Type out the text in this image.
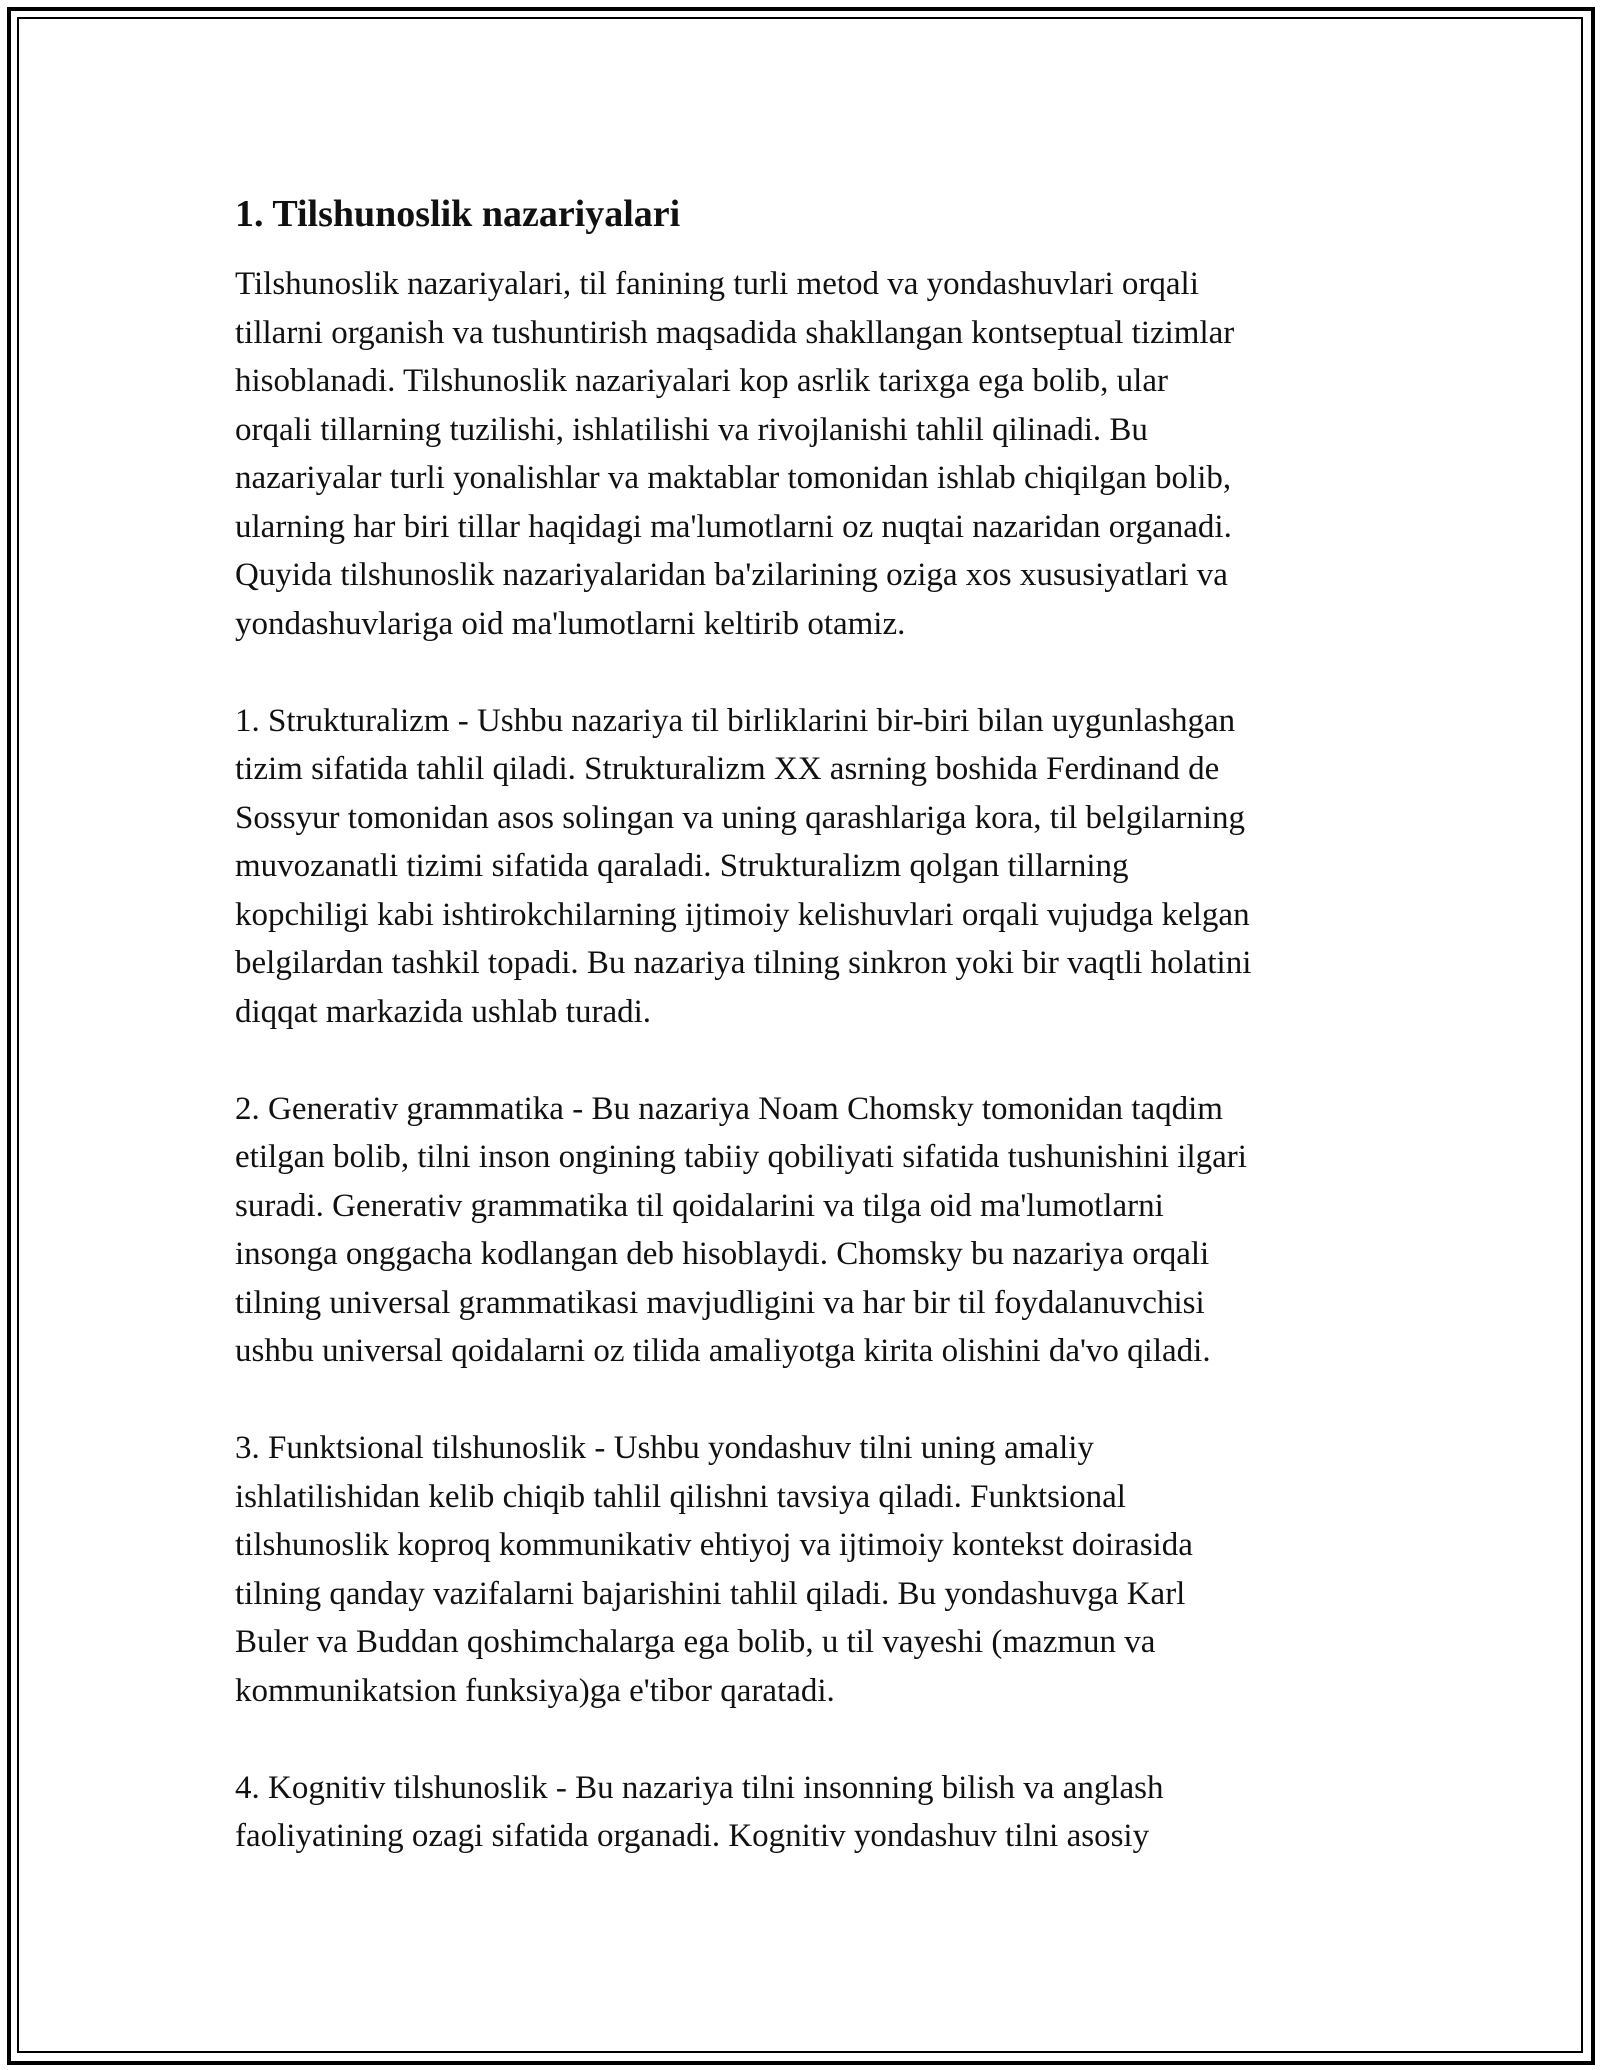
1. Tilshunoslik nazariyalari

Tilshunoslik nazariyalari, til fanining turli metod va yondashuvlari orqali
tillarni organish va tushuntirish maqsadida shakllangan kontseptual tizimlar
hisoblanadi. Tilshunoslik nazariyalari kop asrlik tarixga ega bolib, ular
orqali tillarning tuzilishi, ishlatilishi va rivojlanishi tahlil qilinadi. Bu
nazariyalar turli yonalishlar va maktablar tomonidan ishlab chiqilgan bolib,
ularning har biri tillar haqidagi ma'lumotlarni oz nuqtai nazaridan organadi.
Quyida tilshunoslik nazariyalaridan ba'zilarining oziga xos xususiyatlari va
yondashuvlariga oid ma'lumotlarni keltirib otamiz.

1. Strukturalizm - Ushbu nazariya til birliklarini bir-biri bilan uygunlashgan
tizim sifatida tahlil qiladi. Strukturalizm XX asrning boshida Ferdinand de
Sossyur tomonidan asos solingan va uning qarashlariga kora, til belgilarning
muvozanatli tizimi sifatida qaraladi. Strukturalizm qolgan tillarning
kopchiligi kabi ishtirokchilarning ijtimoiy kelishuvlari orqali vujudga kelgan
belgilardan tashkil topadi. Bu nazariya tilning sinkron yoki bir vaqtli holatini
diqqat markazida ushlab turadi.

2. Generativ grammatika - Bu nazariya Noam Chomsky tomonidan taqdim
etilgan bolib, tilni inson ongining tabiiy qobiliyati sifatida tushunishini ilgari
suradi. Generativ grammatika til qoidalarini va tilga oid ma'lumotlarni
insonga onggacha kodlangan deb hisoblaydi. Chomsky bu nazariya orqali
tilning universal grammatikasi mavjudligini va har bir til foydalanuvchisi
ushbu universal qoidalarni oz tilida amaliyotga kirita olishini da'vo qiladi.

3. Funktsional tilshunoslik - Ushbu yondashuv tilni uning amaliy
ishlatilishidan kelib chiqib tahlil qilishni tavsiya qiladi. Funktsional
tilshunoslik koproq kommunikativ ehtiyoj va ijtimoiy kontekst doirasida
tilning qanday vazifalarni bajarishini tahlil qiladi. Bu yondashuvga Karl
Buler va Buddan qoshimchalarga ega bolib, u til vayeshi (mazmun va
kommunikatsion funksiya)ga e'tibor qaratadi.

4. Kognitiv tilshunoslik - Bu nazariya tilni insonning bilish va anglash
faoliyatining ozagi sifatida organadi. Kognitiv yondashuv tilni asosiy
